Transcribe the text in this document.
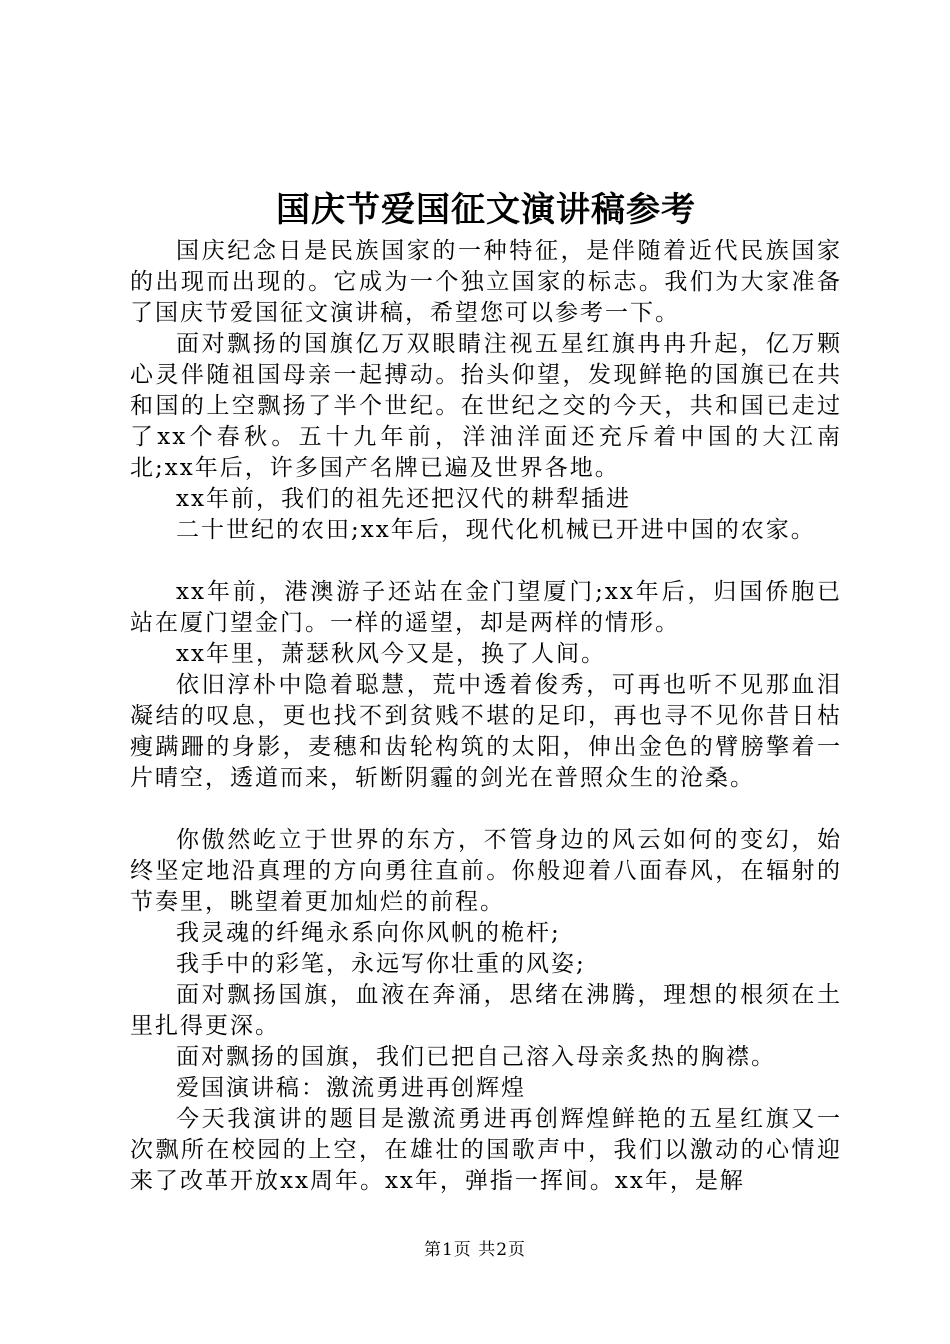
国庆节爱国征文演讲稿参考

国庆纪念日是民族国家的一种特征，是伴随着近代民族国家的出现而出现的。它成为一个独立国家的标志。我们为大家准备了国庆节爱国征文演讲稿，希望您可以参考一下。

面对飘扬的国旗亿万双眼睛注视五星红旗冉冉升起，亿万颗心灵伴随祖国母亲一起搏动。抬头仰望，发现鲜艳的国旗已在共和国的上空飘扬了半个世纪。在世纪之交的今天，共和国已走过了xx个春秋。五十九年前，洋油洋面还充斥着中国的大江南北;xx年后，许多国产名牌已遍及世界各地。

xx年前，我们的祖先还把汉代的耕犁插进

二十世纪的农田;xx年后，现代化机械已开进中国的农家。

xx年前，港澳游子还站在金门望厦门;xx年后，归国侨胞已站在厦门望金门。一样的遥望，却是两样的情形。

xx年里，萧瑟秋风今又是，换了人间。

依旧淳朴中隐着聪慧，荒中透着俊秀，可再也听不见那血泪凝结的叹息，更也找不到贫贱不堪的足印，再也寻不见你昔日枯瘦蹒跚的身影，麦穗和齿轮构筑的太阳，伸出金色的臂膀擎着一片晴空，透道而来，斩断阴霾的剑光在普照众生的沧桑。

你傲然屹立于世界的东方，不管身边的风云如何的变幻，始终坚定地沿真理的方向勇往直前。你般迎着八面春风，在辐射的节奏里，眺望着更加灿烂的前程。

我灵魂的纤绳永系向你风帆的桅杆;

我手中的彩笔，永远写你壮重的风姿;

面对飘扬国旗，血液在奔涌，思绪在沸腾，理想的根须在土里扎得更深。

面对飘扬的国旗，我们已把自己溶入母亲炙热的胸襟。

爱国演讲稿：激流勇进再创辉煌

今天我演讲的题目是激流勇进再创辉煌鲜艳的五星红旗又一次飘所在校园的上空，在雄壮的国歌声中，我们以激动的心情迎来了改革开放xx周年。xx年，弹指一挥间。xx年，是解

第1页 共2页
